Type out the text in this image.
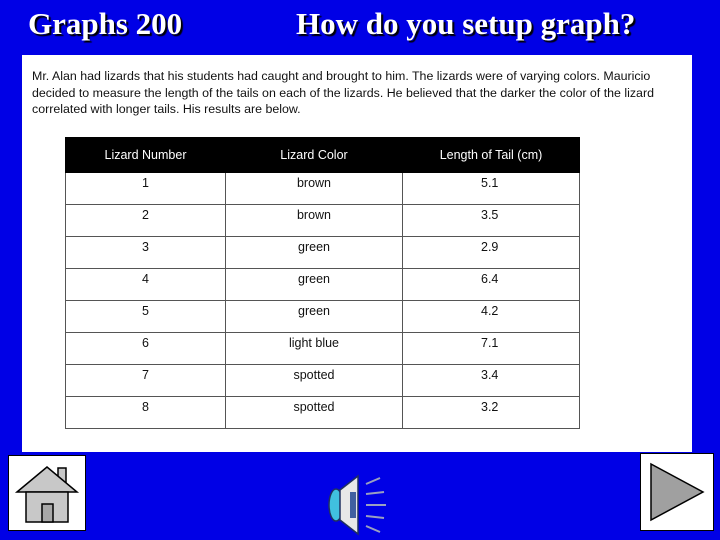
Graphs 200	How do you setup graph?

Mr. Alan had lizards that his students had caught and brought to him. The lizards were of varying colors. Mauricio decided to measure the length of the tails on each of the lizards. He believed that the darker the color of the lizard correlated with longer tails. His results are below.

Lizard Number	Lizard Color	Length of Tail (cm)
1	brown	5.1
2	brown	3.5
3	green	2.9
4	green	6.4
5	green	4.2
6	light blue	7.1
7	spotted	3.4
8	spotted	3.2
